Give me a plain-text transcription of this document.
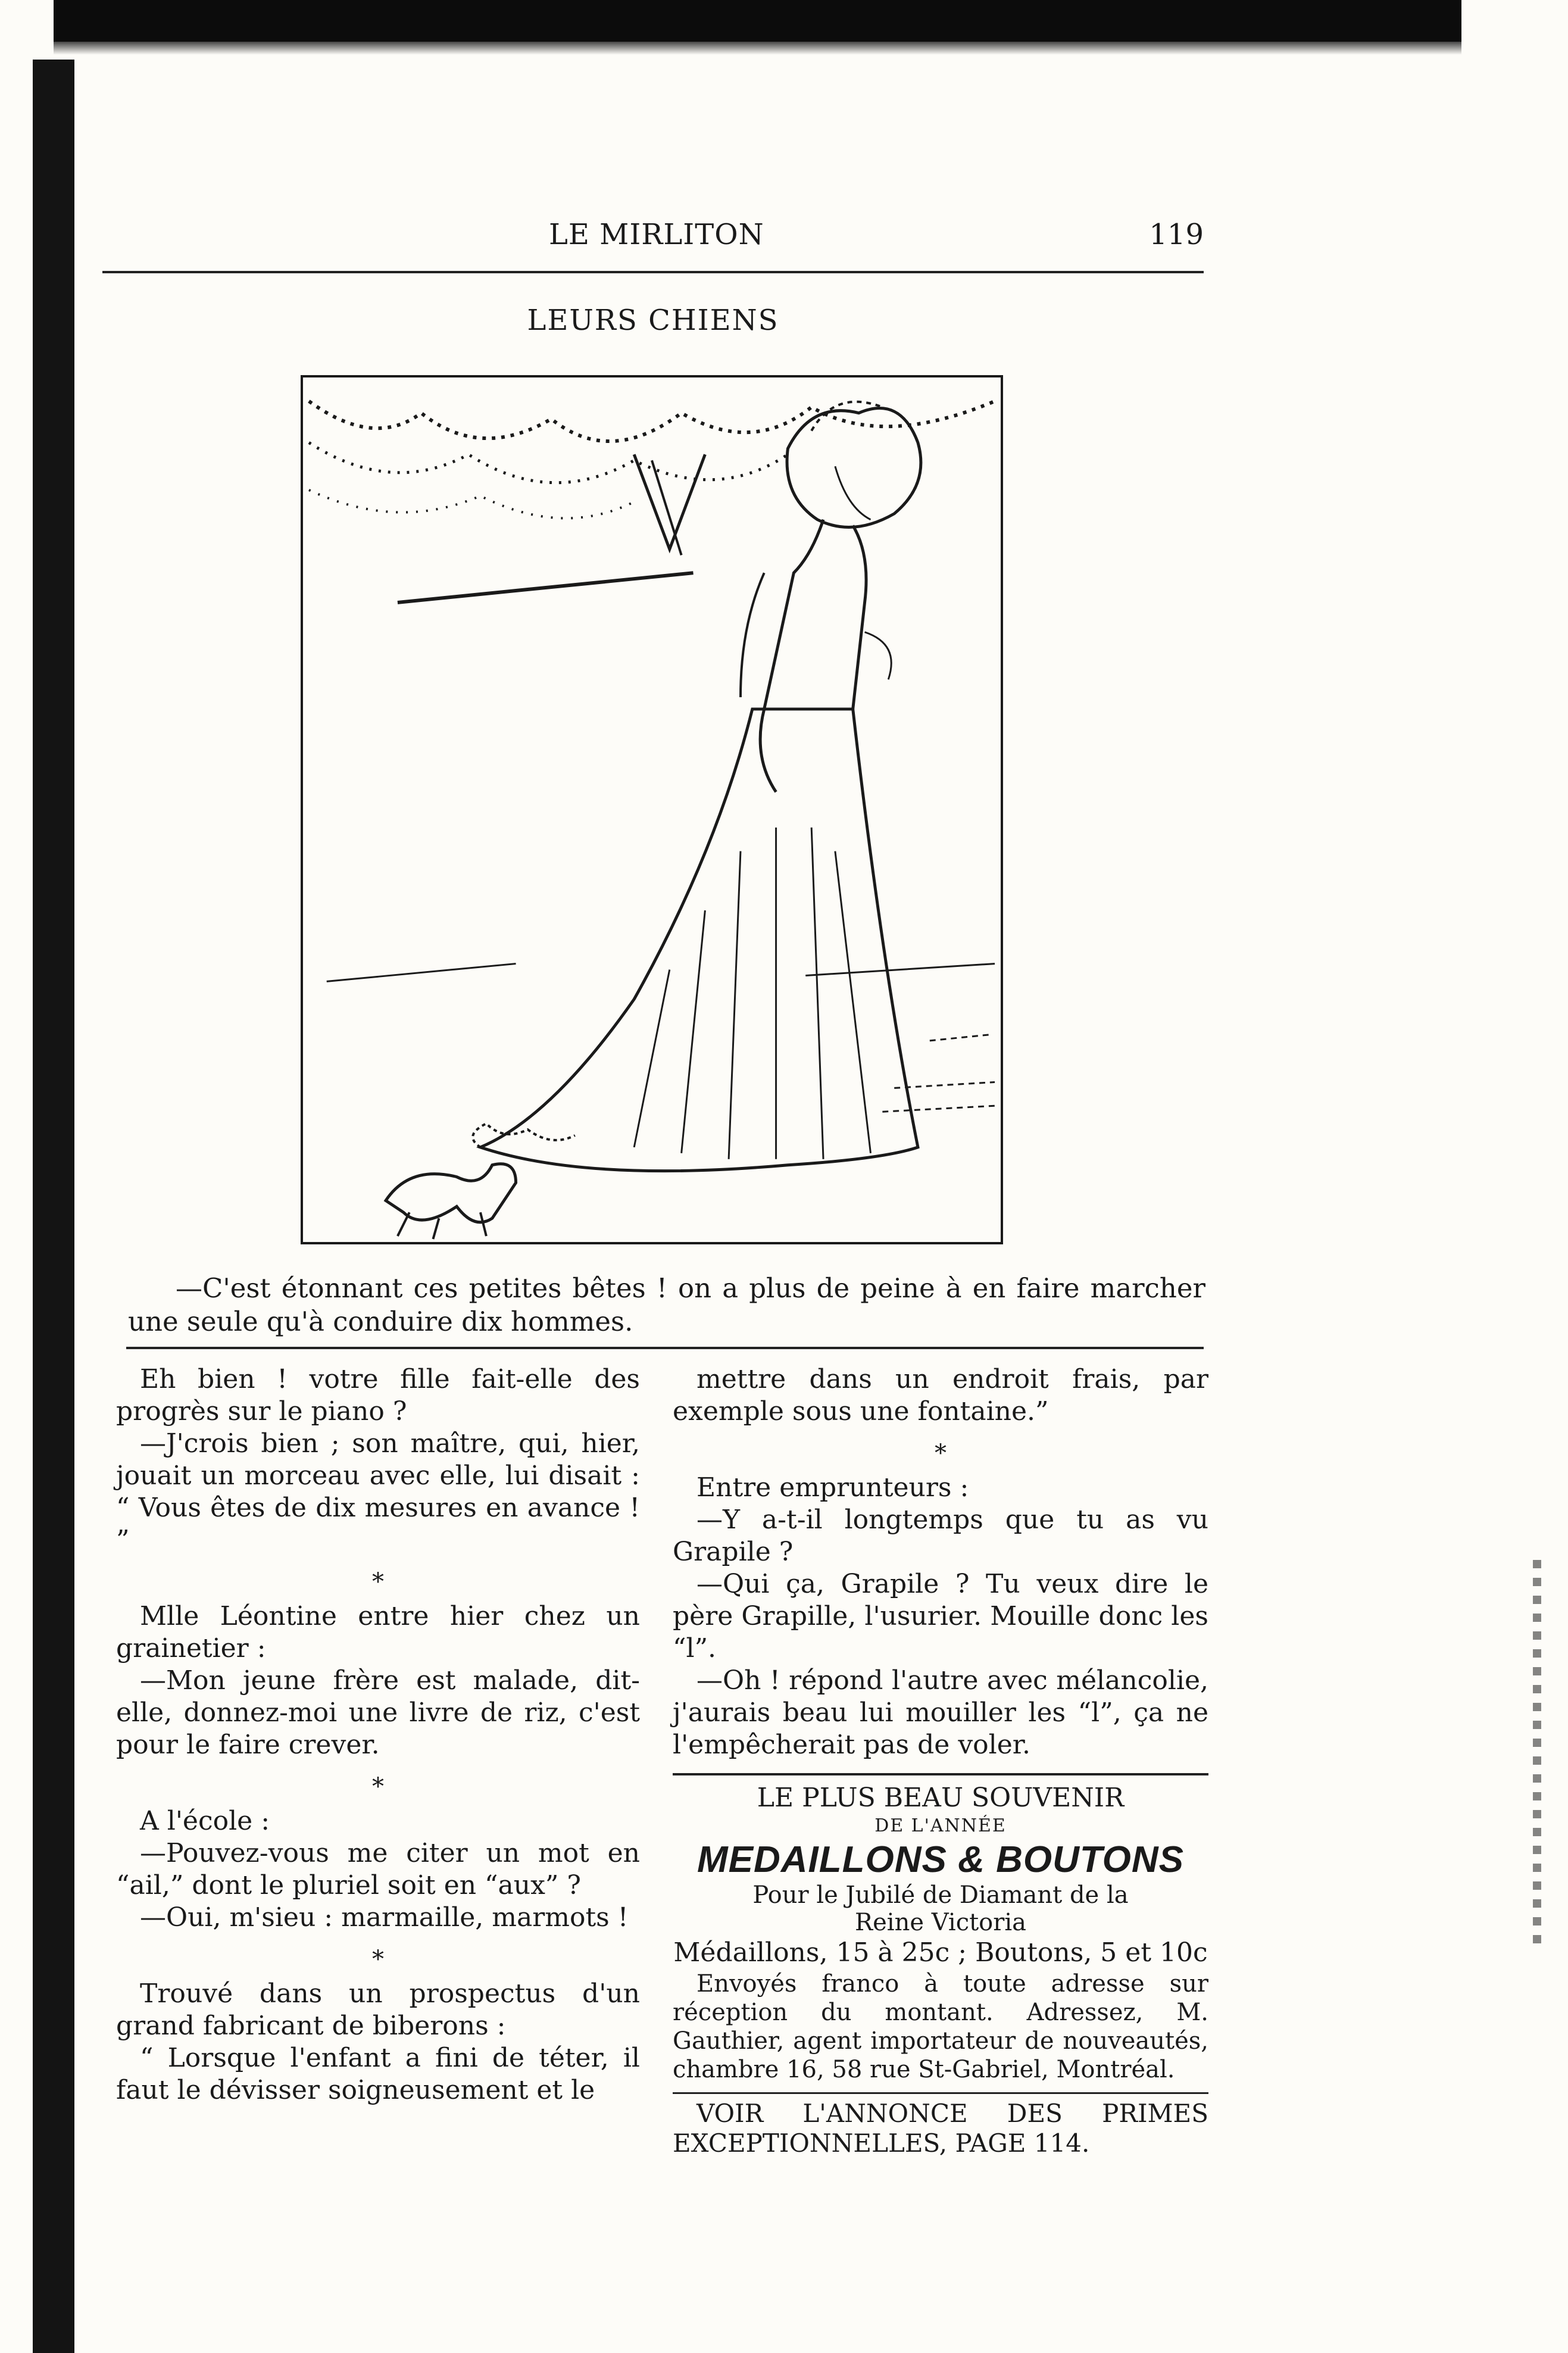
LE MIRLITON	119
LEURS CHIENS
—C'est étonnant ces petites bêtes ! on a plus de peine à en faire marcher une seule qu'à conduire dix hommes.

Eh bien ! votre fille fait-elle des progrès sur le piano ?

—J'crois bien ; son maître, qui, hier, jouait un morceau avec elle, lui disait : “ Vous êtes de dix mesures en avance ! ”

*

Mlle Léontine entre hier chez un grainetier :

—Mon jeune frère est malade, dit-elle, donnez-moi une livre de riz, c'est pour le faire crever.

*

A l'école :

—Pouvez-vous me citer un mot en “ail,” dont le pluriel soit en “aux” ?

—Oui, m'sieu : marmaille, marmots !

*

Trouvé dans un prospectus d'un grand fabricant de biberons :

“ Lorsque l'enfant a fini de téter, il faut le dévisser soigneusement et le

mettre dans un endroit frais, par exemple sous une fontaine.”

*

Entre emprunteurs :

—Y a-t-il longtemps que tu as vu Grapile ?

—Qui ça, Grapile ? Tu veux dire le père Grapille, l'usurier. Mouille donc les “l”.

—Oh ! répond l'autre avec mélancolie, j'aurais beau lui mouiller les “l”, ça ne l'empêcherait pas de voler.

LE PLUS BEAU SOUVENIR
DE L'ANNÉE
MEDAILLONS & BOUTONS
Pour le Jubilé de Diamant de la
Reine Victoria
Médaillons, 15 à 25c ; Boutons, 5 et 10c
Envoyés franco à toute adresse sur réception du montant. Adressez, M. Gauthier, agent importateur de nouveautés, chambre 16, 58 rue St-Gabriel, Montréal.
VOIR L'ANNONCE DES PRIMES EXCEPTIONNELLES, PAGE 114.
